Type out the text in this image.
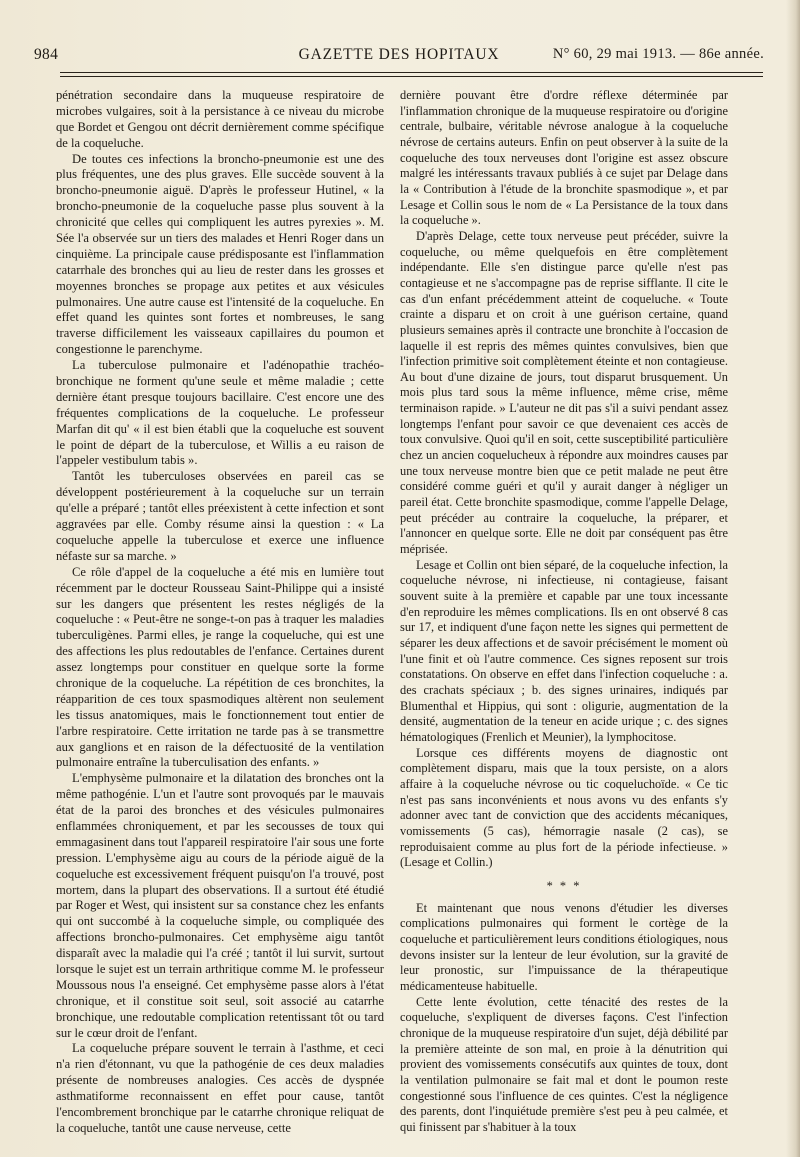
984	GAZETTE DES HOPITAUX	N° 60, 29 mai 1913. — 86e année.

pénétration secondaire dans la muqueuse respiratoire de microbes vulgaires, soit à la persistance à ce niveau du microbe que Bordet et Gengou ont décrit dernièrement comme spécifique de la coqueluche.

De toutes ces infections la broncho-pneumonie est une des plus fréquentes, une des plus graves. Elle succède souvent à la broncho-pneumonie aiguë. D'après le professeur Hutinel, « la broncho-pneumonie de la coqueluche passe plus souvent à la chronicité que celles qui compliquent les autres pyrexies ». M. Sée l'a observée sur un tiers des malades et Henri Roger dans un cinquième. La principale cause prédisposante est l'inflammation catarrhale des bronches qui au lieu de rester dans les grosses et moyennes bronches se propage aux petites et aux vésicules pulmonaires. Une autre cause est l'intensité de la coqueluche. En effet quand les quintes sont fortes et nombreuses, le sang traverse difficilement les vaisseaux capillaires du poumon et congestionne le parenchyme.

La tuberculose pulmonaire et l'adénopathie trachéo-bronchique ne forment qu'une seule et même maladie ; cette dernière étant presque toujours bacillaire. C'est encore une des fréquentes complications de la coqueluche. Le professeur Marfan dit qu' « il est bien établi que la coqueluche est souvent le point de départ de la tuberculose, et Willis a eu raison de l'appeler vestibulum tabis ».

Tantôt les tuberculoses observées en pareil cas se développent postérieurement à la coqueluche sur un terrain qu'elle a préparé ; tantôt elles préexistent à cette infection et sont aggravées par elle. Comby résume ainsi la question : « La coqueluche appelle la tuberculose et exerce une influence néfaste sur sa marche. »

Ce rôle d'appel de la coqueluche a été mis en lumière tout récemment par le docteur Rousseau Saint-Philippe qui a insisté sur les dangers que présentent les restes négligés de la coqueluche : « Peut-être ne songe-t-on pas à traquer les maladies tuberculigènes. Parmi elles, je range la coqueluche, qui est une des affections les plus redoutables de l'enfance. Certaines durent assez longtemps pour constituer en quelque sorte la forme chronique de la coqueluche. La répétition de ces bronchites, la réapparition de ces toux spasmodiques altèrent non seulement les tissus anatomiques, mais le fonctionnement tout entier de l'arbre respiratoire. Cette irritation ne tarde pas à se transmettre aux ganglions et en raison de la défectuosité de la ventilation pulmonaire entraîne la tuberculisation des enfants. »

L'emphysème pulmonaire et la dilatation des bronches ont la même pathogénie. L'un et l'autre sont provoqués par le mauvais état de la paroi des bronches et des vésicules pulmonaires enflammées chroniquement, et par les secousses de toux qui emmagasinent dans tout l'appareil respiratoire l'air sous une forte pression. L'emphysème aigu au cours de la période aiguë de la coqueluche est excessivement fréquent puisqu'on l'a trouvé, post mortem, dans la plupart des observations. Il a surtout été étudié par Roger et West, qui insistent sur sa constance chez les enfants qui ont succombé à la coqueluche simple, ou compliquée des affections broncho-pulmonaires. Cet emphysème aigu tantôt disparaît avec la maladie qui l'a créé ; tantôt il lui survit, surtout lorsque le sujet est un terrain arthritique comme M. le professeur Moussous nous l'a enseigné. Cet emphysème passe alors à l'état chronique, et il constitue soit seul, soit associé au catarrhe bronchique, une redoutable complication retentissant tôt ou tard sur le cœur droit de l'enfant.

La coqueluche prépare souvent le terrain à l'asthme, et ceci n'a rien d'étonnant, vu que la pathogénie de ces deux maladies présente de nombreuses analogies. Ces accès de dyspnée asthmatiforme reconnaissent en effet pour cause, tantôt l'encombrement bronchique par le catarrhe chronique reliquat de la coqueluche, tantôt une cause nerveuse, cette

dernière pouvant être d'ordre réflexe déterminée par l'inflammation chronique de la muqueuse respiratoire ou d'origine centrale, bulbaire, véritable névrose analogue à la coqueluche névrose de certains auteurs. Enfin on peut observer à la suite de la coqueluche des toux nerveuses dont l'origine est assez obscure malgré les intéressants travaux publiés à ce sujet par Delage dans la « Contribution à l'étude de la bronchite spasmodique », et par Lesage et Collin sous le nom de « La Persistance de la toux dans la coqueluche ».

D'après Delage, cette toux nerveuse peut précéder, suivre la coqueluche, ou même quelquefois en être complètement indépendante. Elle s'en distingue parce qu'elle n'est pas contagieuse et ne s'accompagne pas de reprise sifflante. Il cite le cas d'un enfant précédemment atteint de coqueluche. « Toute crainte a disparu et on croit à une guérison certaine, quand plusieurs semaines après il contracte une bronchite à l'occasion de laquelle il est repris des mêmes quintes convulsives, bien que l'infection primitive soit complètement éteinte et non contagieuse. Au bout d'une dizaine de jours, tout disparut brusquement. Un mois plus tard sous la même influence, même crise, même terminaison rapide. » L'auteur ne dit pas s'il a suivi pendant assez longtemps l'enfant pour savoir ce que devenaient ces accès de toux convulsive. Quoi qu'il en soit, cette susceptibilité particulière chez un ancien coquelucheux à répondre aux moindres causes par une toux nerveuse montre bien que ce petit malade ne peut être considéré comme guéri et qu'il y aurait danger à négliger un pareil état. Cette bronchite spasmodique, comme l'appelle Delage, peut précéder au contraire la coqueluche, la préparer, et l'annoncer en quelque sorte. Elle ne doit par conséquent pas être méprisée.

Lesage et Collin ont bien séparé, de la coqueluche infection, la coqueluche névrose, ni infectieuse, ni contagieuse, faisant souvent suite à la première et capable par une toux incessante d'en reproduire les mêmes complications. Ils en ont observé 8 cas sur 17, et indiquent d'une façon nette les signes qui permettent de séparer les deux affections et de savoir précisément le moment où l'une finit et où l'autre commence. Ces signes reposent sur trois constatations. On observe en effet dans l'infection coqueluche : a. des crachats spéciaux ; b. des signes urinaires, indiqués par Blumenthal et Hippius, qui sont : oligurie, augmentation de la densité, augmentation de la teneur en acide urique ; c. des signes hématologiques (Frenlich et Meunier), la lymphocitose.

Lorsque ces différents moyens de diagnostic ont complètement disparu, mais que la toux persiste, on a alors affaire à la coqueluche névrose ou tic coqueluchoïde. « Ce tic n'est pas sans inconvénients et nous avons vu des enfants s'y adonner avec tant de conviction que des accidents mécaniques, vomissements (5 cas), hémorragie nasale (2 cas), se reproduisaient comme au plus fort de la période infectieuse. » (Lesage et Collin.)

* * *

Et maintenant que nous venons d'étudier les diverses complications pulmonaires qui forment le cortège de la coqueluche et particulièrement leurs conditions étiologiques, nous devons insister sur la lenteur de leur évolution, sur la gravité de leur pronostic, sur l'impuissance de la thérapeutique médicamenteuse habituelle.

Cette lente évolution, cette ténacité des restes de la coqueluche, s'expliquent de diverses façons. C'est l'infection chronique de la muqueuse respiratoire d'un sujet, déjà débilité par la première atteinte de son mal, en proie à la dénutrition qui provient des vomissements consécutifs aux quintes de toux, dont la ventilation pulmonaire se fait mal et dont le poumon reste congestionné sous l'influence de ces quintes. C'est la négligence des parents, dont l'inquiétude première s'est peu à peu calmée, et qui finissent par s'habituer à la toux
